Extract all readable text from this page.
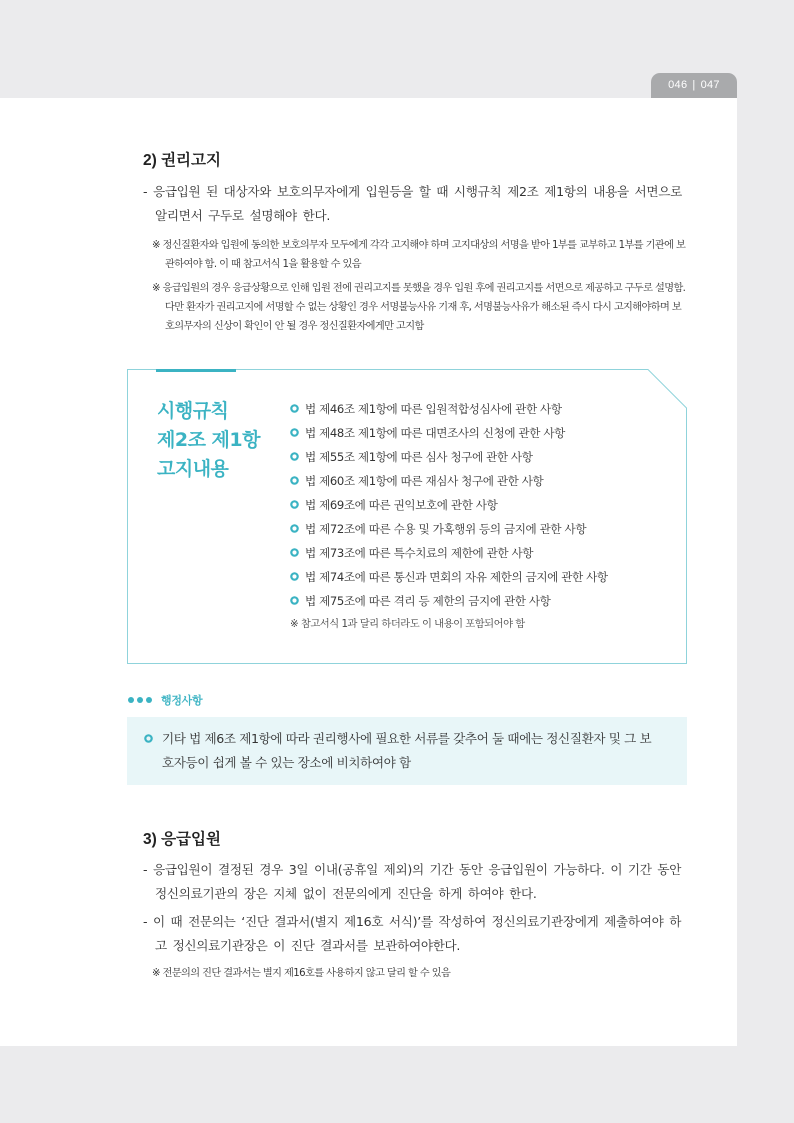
046 | 047
2) 권리고지

- 응급입원 된 대상자와 보호의무자에게 입원등을 할 때 시행규칙 제2조 제1항의 내용을 서면으로 알리면서 구두로 설명해야 한다.

※ 정신질환자와 입원에 동의한 보호의무자 모두에게 각각 고지해야 하며 고지대상의 서명을 받아 1부를 교부하고 1부를 기관에 보관하여야 함. 이 때 참고서식 1을 활용할 수 있음

※ 응급입원의 경우 응급상황으로 인해 입원 전에 권리고지를 못했을 경우 입원 후에 권리고지를 서면으로 제공하고 구두로 설명함. 다만 환자가 권리고지에 서명할 수 없는 상황인 경우 서명불능사유 기재 후, 서명불능사유가 해소된 즉시 다시 고지해야하며 보호의무자의 신상이 확인이 안 될 경우 정신질환자에게만 고지함

시행규칙
제2조 제1항
고지내용
법 제46조 제1항에 따른 입원적합성심사에 관한 사항
법 제48조 제1항에 따른 대면조사의 신청에 관한 사항
법 제55조 제1항에 따른 심사 청구에 관한 사항
법 제60조 제1항에 따른 재심사 청구에 관한 사항
법 제69조에 따른 권익보호에 관한 사항
법 제72조에 따른 수용 및 가혹행위 등의 금지에 관한 사항
법 제73조에 따른 특수치료의 제한에 관한 사항
법 제74조에 따른 통신과 면회의 자유 제한의 금지에 관한 사항
법 제75조에 따른 격리 등 제한의 금지에 관한 사항

※ 참고서식 1과 달리 하더라도 이 내용이 포함되어야 함

행정사항

기타 법 제6조 제1항에 따라 권리행사에 필요한 서류를 갖추어 둘 때에는 정신질환자 및 그 보호자등이 쉽게 볼 수 있는 장소에 비치하여야 함

3) 응급입원

- 응급입원이 결정된 경우 3일 이내(공휴일 제외)의 기간 동안 응급입원이 가능하다. 이 기간 동안 정신의료기관의 장은 지체 없이 전문의에게 진단을 하게 하여야 한다.

- 이 때 전문의는 ‘진단 결과서(별지 제16호 서식)’를 작성하여 정신의료기관장에게 제출하여야 하고 정신의료기관장은 이 진단 결과서를 보관하여야한다.

※ 전문의의 진단 결과서는 별지 제16호를 사용하지 않고 달리 할 수 있음
